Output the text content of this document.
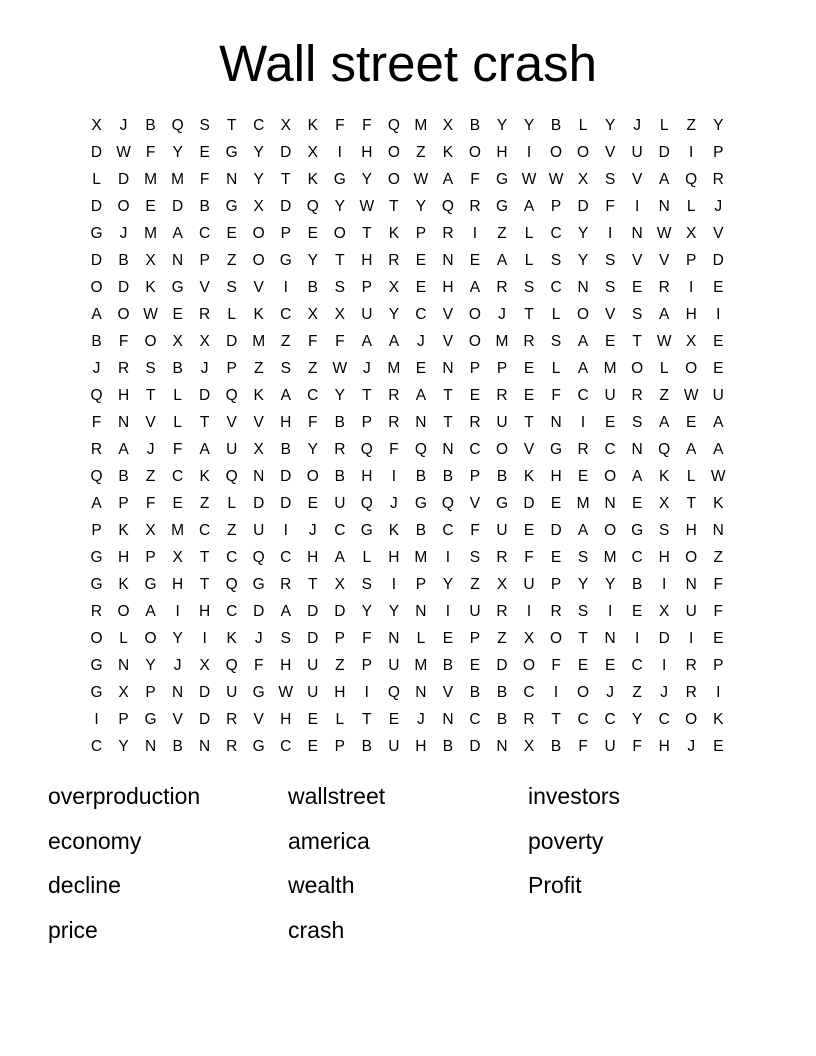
Wall street crash
X	J	B	Q	S	T	C	X	K	F	F	Q M X	B	Y	Y	B	L	Y	J	L	Z	Y
D W F	Y	E	G	Y	D	X	I	H O	Z	K	O H	I	O O	V	U	D	I	P
L	D M M	F	N	Y	T	K	G	Y	O W A	F	G W W X	S	V	A	Q R
D O	E	D	B	G	X	D Q	Y W T	Y	Q R G	A	P	D	F	I	N	L	J
G	J	M A	C	E	O	P	E	O	T	K	P	R	I	Z	L	C	Y	I	N W X	V
D	B	X	N	P	Z	O G	Y	T	H	R	E	N	E	A	L	S	Y	S	V	V	P	D
O D	K	G	V	S	V	I	B	S	P	X	E	H	A	R	S	C	N	S	E	R	I	E
A	O W E	R	L	K	C	X	X	U	Y	C	V	O	J	T	L	O	V	S	A	H	I
B	F	O	X	X	D M	Z	F	F	A	A	J	V	O M R	S	A	E	T W X	E
J	R	S	B	J	P	Z	S	Z W	J	M E	N	P	P	E	L	A M O	L	O	E
Q H	T	L	D Q	K	A	C	Y	T	R	A	T	E	R	E	F	C	U	R	Z W U
F	N	V	L	T	V	V	H	F	B	P	R	N	T	R	U	T	N	I	E	S	A	E	A
R	A	J	F	A	U	X	B	Y	R Q	F	Q N	C O	V	G R	C	N Q	A	A
Q	B	Z	C	K	Q N	D O	B	H	I	B	B	P	B	K	H	E	O	A	K	L W
A	P	F	E	Z	L	D	D	E	U Q	J	G Q	V	G D	E M N	E	X	T	K
P	K	X M C	Z	U	I	J	C G	K	B	C	F	U	E	D	A	O G	S	H	N
G H	P	X	T	C Q C	H	A	L	H M	I	S	R	F	E	S M C	H O	Z
G	K	G H	T	Q G R	T	X	S	I	P	Y	Z	X	U	P	Y	Y	B	I	N	F
R O	A	I	H	C	D	A	D	D	Y	Y	N	I	U	R	I	R	S	I	E	X	U	F
O	L	O	Y	I	K	J	S	D	P	F	N	L	E	P	Z	X	O	T	N	I	D	I	E
G N	Y	J	X	Q	F	H	U	Z	P	U M B	E	D O	F	E	E	C	I	R	P
G	X	P	N	D	U G W U	H	I	Q N	V	B	B	C	I	O	J	Z	J	R	I
I	P	G	V	D	R	V	H	E	L	T	E	J	N	C	B	R	T	C	C	Y	C O	K
C	Y	N	B	N	R G C	E	P	B	U	H	B	D	N	X	B	F	U	F	H	J	E
overproduction	wallstreet	investors
economy	america	poverty
decline	wealth	Profit
price	crash
